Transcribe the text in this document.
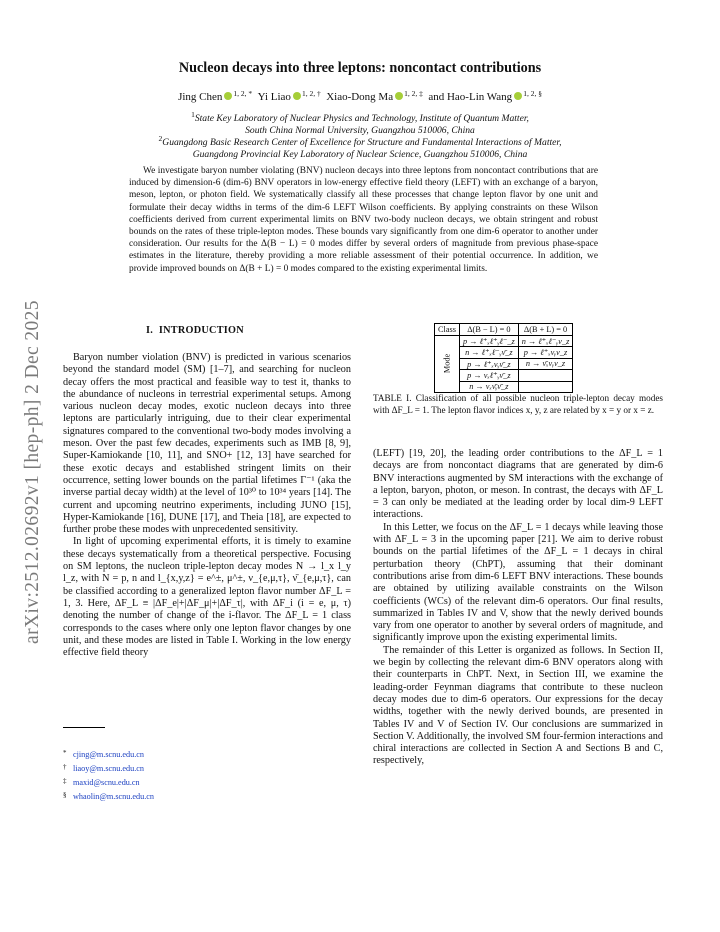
arXiv:2512.02692v1 [hep-ph] 2 Dec 2025
Nucleon decays into three leptons: noncontact contributions
Jing Chen $^{1, 2, *}$ Yi Liao $^{1, 2, \dagger}$ Xiao-Dong Ma $^{1, 2, \ddagger}$ and Hao-Lin Wang $^{1, 2, \S}$
$^1$State Key Laboratory of Nuclear Physics and Technology, Institute of Quantum Matter,
South China Normal University, Guangzhou 510006, China
$^2$Guangdong Basic Research Center of Excellence for Structure and Fundamental Interactions of Matter,
Guangdong Provincial Key Laboratory of Nuclear Science, Guangzhou 510006, China

We investigate baryon number violating (BNV) nucleon decays into three leptons from noncontact contributions that are induced by dimension-6 (dim-6) BNV operators in low-energy effective field theory (LEFT) with an exchange of a baryon, meson, lepton, or photon field. We systematically classify all these processes that change lepton flavor by one unit and formulate their decay widths in terms of the dim-6 LEFT Wilson coefficients. By applying constraints on these Wilson coefficients derived from current experimental limits on BNV two-body nucleon decays, we obtain stringent and robust bounds on the rates of these triple-lepton modes. These bounds vary significantly from one dim-6 operator to another under consideration. Our results for the Δ(B − L) = 0 modes differ by several orders of magnitude from previous phase-space estimates in the literature, thereby providing a more reliable assessment of their potential occurrence. In addition, we provide improved bounds on Δ(B + L) = 0 modes compared to the existing experimental limits.

I. INTRODUCTION

Baryon number violation (BNV) is predicted in various scenarios beyond the standard model (SM) [1–7], and searching for nucleon decay offers the most practical and feasible way to test it, thanks to the abundance of nucleons in terrestrial experimental setups. Among various nucleon decay modes, exotic nucleon decays into three leptons are particularly intriguing, due to their clear experimental signatures compared to the conventional two-body modes involving a meson. Over the past few decades, experiments such as IMB [8, 9], Super-Kamiokande [10, 11], and SNO+ [12, 13] have searched for these exotic decays and established stringent limits on their occurrence, setting lower bounds on the partial lifetimes Γ⁻¹ (aka the inverse partial decay width) at the level of 10³⁰ to 10³⁴ years [14]. The current and upcoming neutrino experiments, including JUNO [15], Hyper-Kamiokande [16], DUNE [17], and Theia [18], are expected to further probe these modes with unprecedented sensitivity.

In light of upcoming experimental efforts, it is timely to examine these decays systematically from a theoretical perspective. Focusing on SM leptons, the nucleon triple-lepton decay modes N → l_x l_y l_z, with N = p, n and l_{x,y,z} = e^±, μ^±, ν_{e,μ,τ}, ν̄_{e,μ,τ}, can be classified according to a generalized lepton flavor number ΔF_L = 1, 3. Here, ΔF_L ≡ |ΔF_e|+|ΔF_μ|+|ΔF_τ|, with ΔF_i (i = e, μ, τ) denoting the number of change of the i-flavor. The ΔF_L = 1 class corresponds to the cases where only one lepton flavor changes by one unit, and these modes are listed in Table I. Working in the low energy effective field theory

* cjing@m.scnu.edu.cn
† liaoy@m.scnu.edu.cn
‡ maxid@scnu.edu.cn
§ whaolin@m.scnu.edu.cn
Class	Δ(B − L) = 0	Δ(B + L) = 0

Mode	p → ℓ⁺ₓℓ⁺ᵧℓ⁻_z	n → ℓ⁺ₓℓ⁻ᵧν_z
	n → ℓ⁺ₓℓ⁻ᵧν̄_z	p → ℓ⁺ₓνᵧν_z
	p → ℓ⁺ₓνᵧν̄_z	n → ν̄ₓνᵧν_z
	p → νₓℓ⁺ᵧν̄_z	
	n → νₓν̄ᵧν̄_z	
TABLE I. Classification of all possible nucleon triple-lepton decay modes with ΔF_L = 1. The lepton flavor indices x, y, z are related by x = y or x = z.

(LEFT) [19, 20], the leading order contributions to the ΔF_L = 1 decays are from noncontact diagrams that are generated by dim-6 BNV interactions augmented by SM interactions with the exchange of a lepton, baryon, photon, or meson. In contrast, the decays with ΔF_L = 3 can only be mediated at the leading order by local dim-9 LEFT interactions.

In this Letter, we focus on the ΔF_L = 1 decays while leaving those with ΔF_L = 3 in the upcoming paper [21]. We aim to derive robust bounds on the partial lifetimes of the ΔF_L = 1 decays in chiral perturbation theory (ChPT), assuming that their dominant contributions arise from dim-6 LEFT BNV interactions. These bounds are obtained by utilizing available constraints on the Wilson coefficients (WCs) of the relevant dim-6 operators. Our final results, summarized in Tables IV and V, show that the newly derived bounds vary from one operator to another by several orders of magnitude, and significantly improve upon the existing experimental limits.

The remainder of this Letter is organized as follows. In Section II, we begin by collecting the relevant dim-6 BNV operators along with their counterparts in ChPT. Next, in Section III, we examine the leading-order Feynman diagrams that contribute to these nucleon decay modes due to dim-6 operators. Our expressions for the decay widths, together with the newly derived bounds, are presented in Tables IV and V of Section IV. Our conclusions are summarized in Section V. Additionally, the involved SM four-fermion interactions and chiral interactions are collected in Section A and Sections B and C, respectively,
